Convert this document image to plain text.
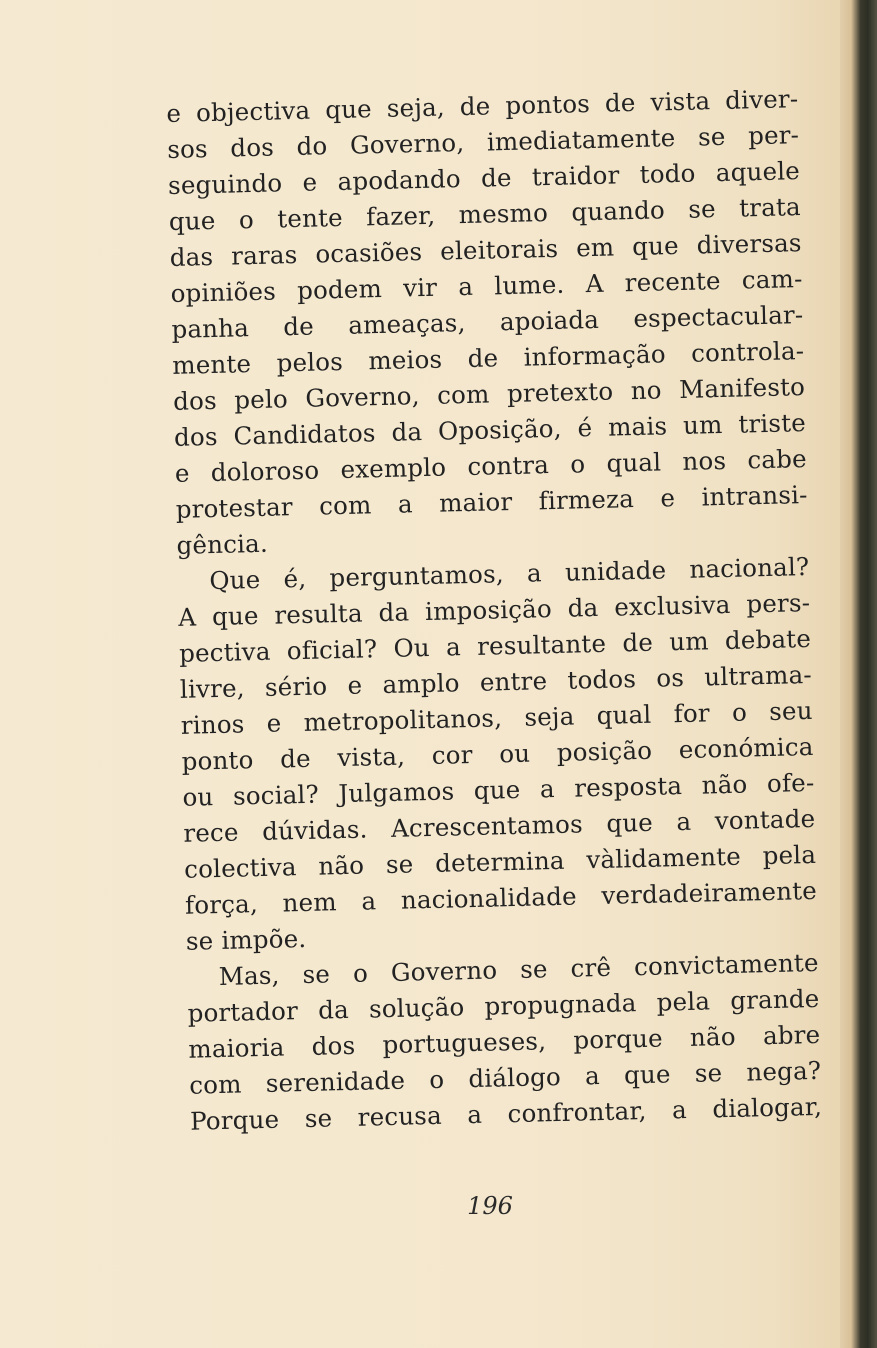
e objectiva que seja, de pontos de vista diver-
sos dos do Governo, imediatamente se per-
seguindo e apodando de traidor todo aquele
que o tente fazer, mesmo quando se trata
das raras ocasiões eleitorais em que diversas
opiniões podem vir a lume. A recente cam-
panha de ameaças, apoiada espectacular-
mente pelos meios de informação controla-
dos pelo Governo, com pretexto no Manifesto
dos Candidatos da Oposição, é mais um triste
e doloroso exemplo contra o qual nos cabe
protestar com a maior firmeza e intransi-
gência.
Que é, perguntamos, a unidade nacional?
A que resulta da imposição da exclusiva pers-
pectiva oficial? Ou a resultante de um debate
livre, sério e amplo entre todos os ultrama-
rinos e metropolitanos, seja qual for o seu
ponto de vista, cor ou posição económica
ou social? Julgamos que a resposta não ofe-
rece dúvidas. Acrescentamos que a vontade
colectiva não se determina vàlidamente pela
força, nem a nacionalidade verdadeiramente
se impõe.
Mas, se o Governo se crê convictamente
portador da solução propugnada pela grande
maioria dos portugueses, porque não abre
com serenidade o diálogo a que se nega?
Porque se recusa a confrontar, a dialogar,
196
